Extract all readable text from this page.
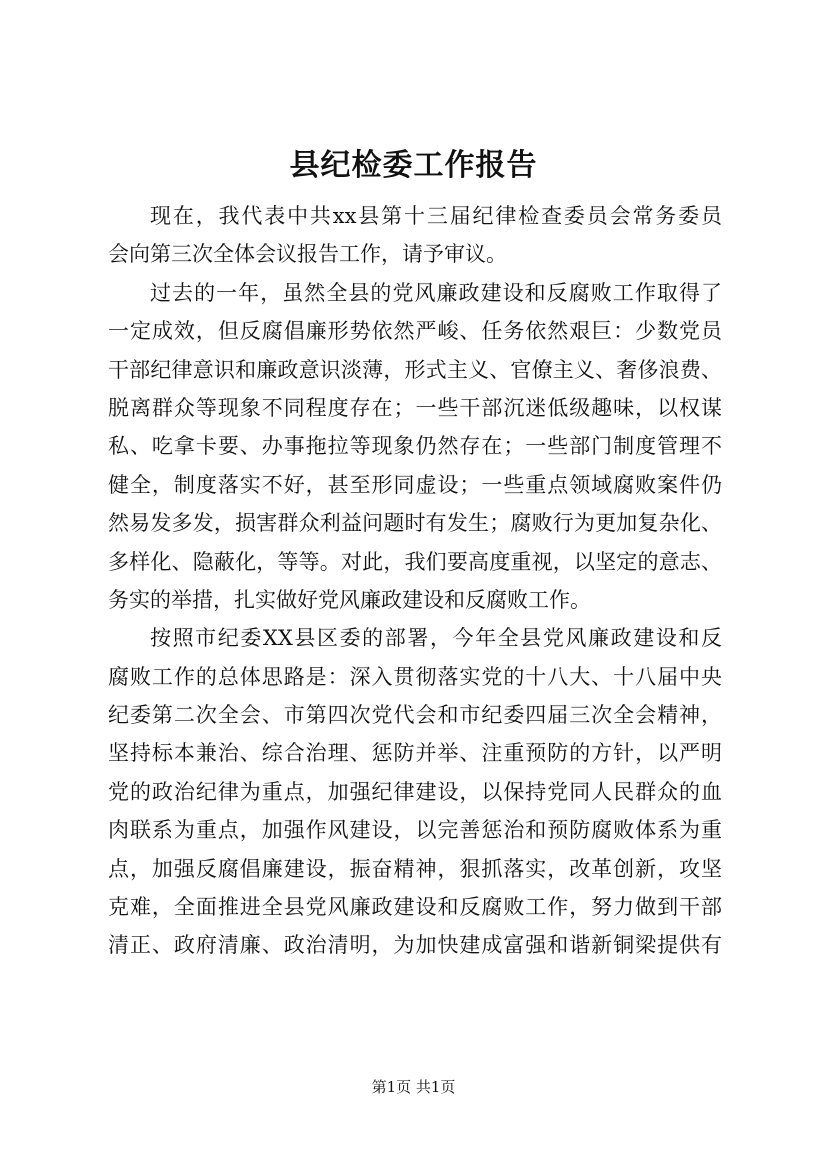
县纪检委工作报告
现在，我代表中共xx县第十三届纪律检查委员会常务委员
会向第三次全体会议报告工作，请予审议。
过去的一年，虽然全县的党风廉政建设和反腐败工作取得了
一定成效，但反腐倡廉形势依然严峻、任务依然艰巨：少数党员
干部纪律意识和廉政意识淡薄，形式主义、官僚主义、奢侈浪费、
脱离群众等现象不同程度存在；一些干部沉迷低级趣味，以权谋
私、吃拿卡要、办事拖拉等现象仍然存在；一些部门制度管理不
健全，制度落实不好，甚至形同虚设；一些重点领域腐败案件仍
然易发多发，损害群众利益问题时有发生；腐败行为更加复杂化、
多样化、隐蔽化，等等。对此，我们要高度重视，以坚定的意志、
务实的举措，扎实做好党风廉政建设和反腐败工作。
按照市纪委XX县区委的部署，今年全县党风廉政建设和反
腐败工作的总体思路是：深入贯彻落实党的十八大、十八届中央
纪委第二次全会、市第四次党代会和市纪委四届三次全会精神，
坚持标本兼治、综合治理、惩防并举、注重预防的方针，以严明
党的政治纪律为重点，加强纪律建设，以保持党同人民群众的血
肉联系为重点，加强作风建设，以完善惩治和预防腐败体系为重
点，加强反腐倡廉建设，振奋精神，狠抓落实，改革创新，攻坚
克难，全面推进全县党风廉政建设和反腐败工作，努力做到干部
清正、政府清廉、政治清明，为加快建成富强和谐新铜梁提供有
第1页 共1页
